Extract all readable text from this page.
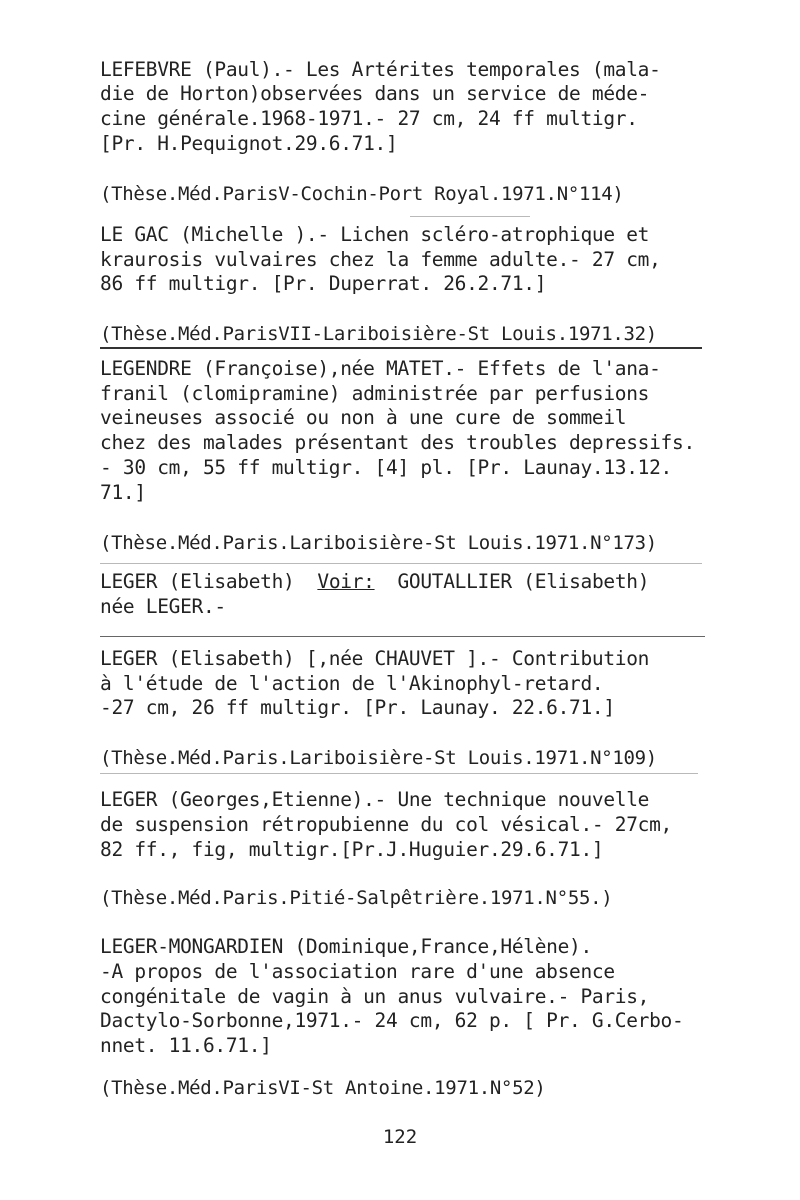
LEFEBVRE (Paul).- Les Artérites temporales (mala-
die de Horton)observées dans un service de méde-
cine générale.1968-1971.- 27 cm, 24 ff multigr.
[Pr. H.Pequignot.29.6.71.]
(Thèse.Méd.ParisV-Cochin-Port Royal.1971.N°114)
LE GAC (Michelle ).- Lichen scléro-atrophique et
kraurosis vulvaires chez la femme adulte.- 27 cm,
86 ff multigr. [Pr. Duperrat. 26.2.71.]
(Thèse.Méd.ParisVII-Lariboisière-St Louis.1971.32)
LEGENDRE (Françoise),née MATET.- Effets de l'ana-
franil (clomipramine) administrée par perfusions
veineuses associé ou non à une cure de sommeil
chez des malades présentant des troubles depressifs.
- 30 cm, 55 ff multigr. [4] pl. [Pr. Launay.13.12.
71.]
(Thèse.Méd.Paris.Lariboisière-St Louis.1971.N°173)
LEGER (Elisabeth) Voir: GOUTALLIER (Elisabeth)
née LEGER.-
LEGER (Elisabeth) [,née CHAUVET ].- Contribution
à l'étude de l'action de l'Akinophyl-retard.
-27 cm, 26 ff multigr. [Pr. Launay. 22.6.71.]
(Thèse.Méd.Paris.Lariboisière-St Louis.1971.N°109)
LEGER (Georges,Etienne).- Une technique nouvelle
de suspension rétropubienne du col vésical.- 27cm,
82 ff., fig, multigr.[Pr.J.Huguier.29.6.71.]
(Thèse.Méd.Paris.Pitié-Salpêtrière.1971.N°55.)
LEGER-MONGARDIEN (Dominique,France,Hélène).
-A propos de l'association rare d'une absence
congénitale de vagin à un anus vulvaire.- Paris,
Dactylo-Sorbonne,1971.- 24 cm, 62 p. [ Pr. G.Cerbo-
nnet. 11.6.71.]
(Thèse.Méd.ParisVI-St Antoine.1971.N°52)
122
